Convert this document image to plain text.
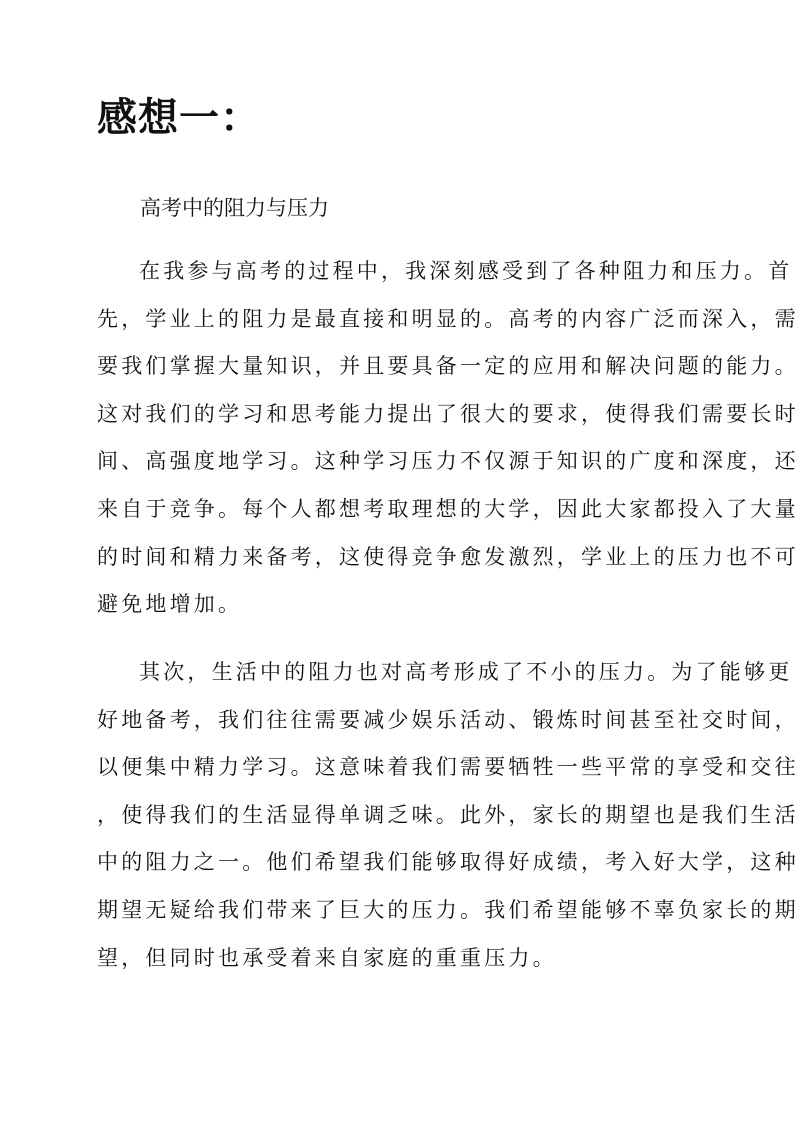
感想一：

高考中的阻力与压力

在我参与高考的过程中，我深刻感受到了各种阻力和压力。首
先，学业上的阻力是最直接和明显的。高考的内容广泛而深入，需
要我们掌握大量知识，并且要具备一定的应用和解决问题的能力。
这对我们的学习和思考能力提出了很大的要求，使得我们需要长时
间、高强度地学习。这种学习压力不仅源于知识的广度和深度，还
来自于竞争。每个人都想考取理想的大学，因此大家都投入了大量
的时间和精力来备考，这使得竞争愈发激烈，学业上的压力也不可
避免地增加。
其次，生活中的阻力也对高考形成了不小的压力。为了能够更
好地备考，我们往往需要减少娱乐活动、锻炼时间甚至社交时间，
以便集中精力学习。这意味着我们需要牺牲一些平常的享受和交往
，使得我们的生活显得单调乏味。此外，家长的期望也是我们生活
中的阻力之一。他们希望我们能够取得好成绩，考入好大学，这种
期望无疑给我们带来了巨大的压力。我们希望能够不辜负家长的期
望，但同时也承受着来自家庭的重重压力。
